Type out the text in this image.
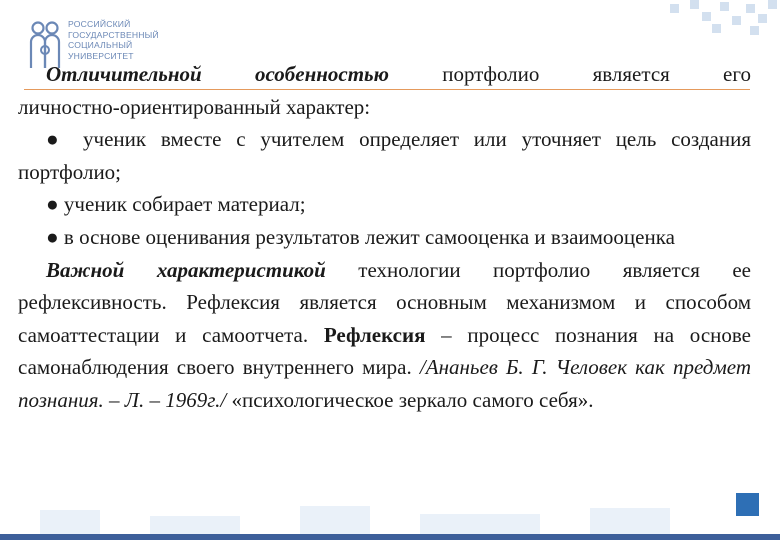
РОССИЙСКИЙ
ГОСУДАРСТВЕННЫЙ
СОЦИАЛЬНЫЙ
УНИВЕРСИТЕТ
Отличительной	особенностью	портфолио	является	его

личностно-ориентированный характер:

● ученик вместе с учителем определяет или уточняет цель создания портфолио;

● ученик собирает материал;

● в основе оценивания результатов лежит самооценка и взаимооценка

Важной характеристикой технологии портфолио является ее рефлексивность. Рефлексия является основным механизмом и способом самоаттестации и самоотчета. Рефлексия – процесс познания на основе самонаблюдения своего внутреннего мира. /Ананьев Б. Г. Человек как предмет познания. – Л. – 1969г./ «психологическое зеркало самого себя».
